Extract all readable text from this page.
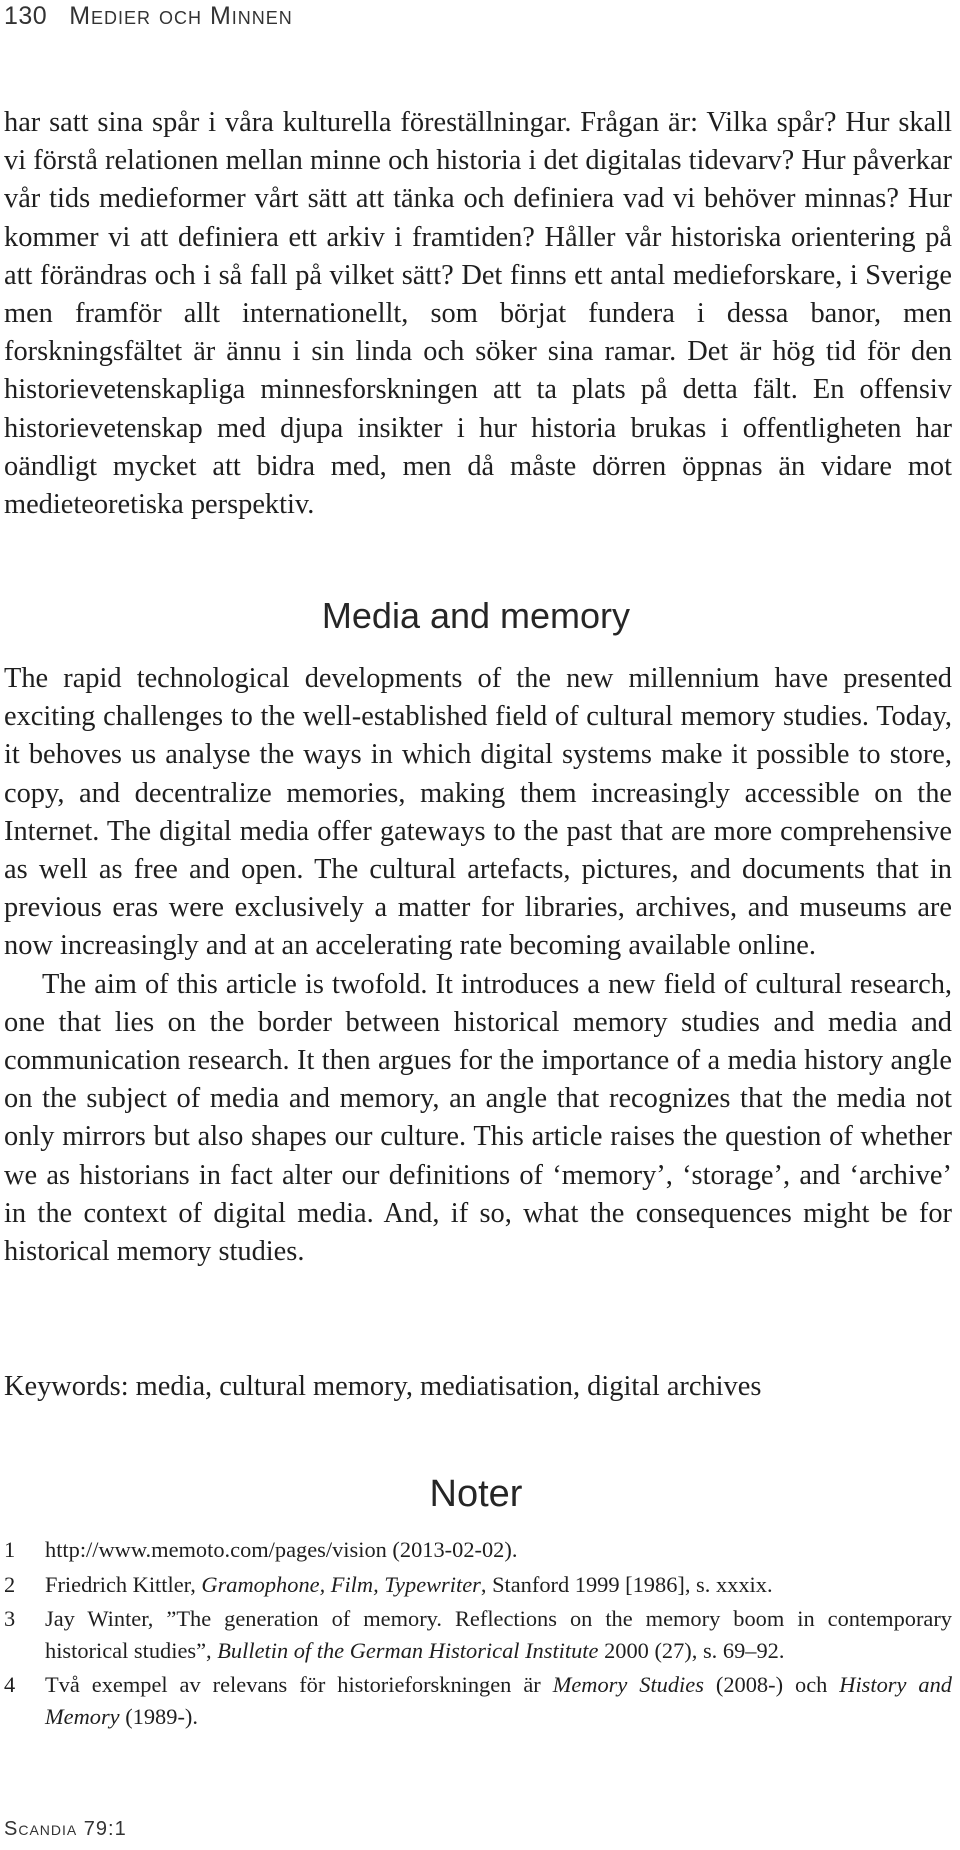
130 Medier och Minnen

har satt sina spår i våra kulturella föreställningar. Frågan är: Vilka spår? Hur skall vi förstå relationen mellan minne och historia i det digitalas tidevarv? Hur påverkar vår tids medieformer vårt sätt att tänka och definiera vad vi behöver minnas? Hur kommer vi att definiera ett arkiv i framtiden? Håller vår historiska orientering på att förändras och i så fall på vilket sätt? Det finns ett antal medieforskare, i Sverige men framför allt internationellt, som börjat fundera i dessa banor, men forskningsfältet är ännu i sin linda och söker sina ramar. Det är hög tid för den historievetenskapliga minnesforskningen att ta plats på detta fält. En offensiv historievetenskap med djupa insikter i hur historia brukas i offentligheten har oändligt mycket att bidra med, men då måste dörren öppnas än vidare mot medieteoretiska perspektiv.

Media and memory

The rapid technological developments of the new millennium have presented exciting challenges to the well-established field of cultural memory studies. Today, it behoves us analyse the ways in which digital systems make it possible to store, copy, and decentralize memories, making them increasingly accessible on the Internet. The digital media offer gateways to the past that are more comprehensive as well as free and open. The cultural artefacts, pictures, and documents that in previous eras were exclusively a matter for libraries, archives, and museums are now increasingly and at an accelerating rate becoming available online.

The aim of this article is twofold. It introduces a new field of cultural research, one that lies on the border between historical memory studies and media and communication research. It then argues for the importance of a media history angle on the subject of media and memory, an angle that recognizes that the media not only mirrors but also shapes our culture. This article raises the question of whether we as historians in fact alter our definitions of ‘memory’, ‘storage’, and ‘archive’ in the context of digital media. And, if so, what the consequences might be for historical memory studies.

Keywords: media, cultural memory, mediatisation, digital archives
Noter
1 http://www.memoto.com/pages/vision (2013-02-02).
2 Friedrich Kittler, Gramophone, Film, Typewriter, Stanford 1999 [1986], s. xxxix.
3 Jay Winter, ”The generation of memory. Reflections on the memory boom in contemporary historical studies”, Bulletin of the German Historical Institute 2000 (27), s. 69–92.
4 Två exempel av relevans för historieforskningen är Memory Studies (2008-) och History and Memory (1989-).
Scandia 79:1
